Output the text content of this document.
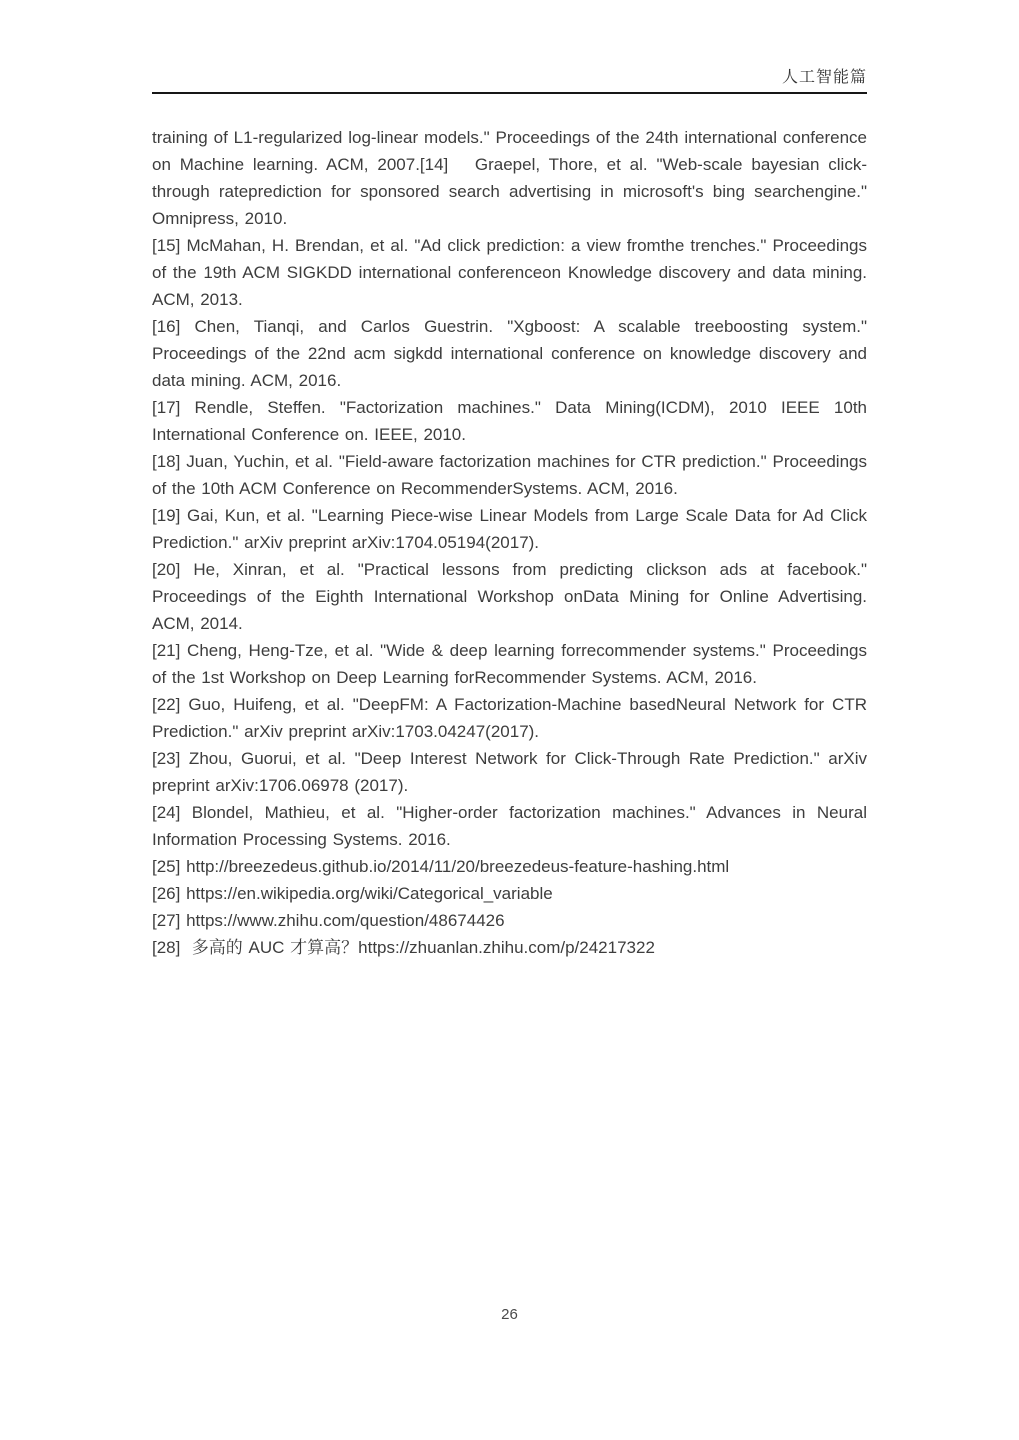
人工智能篇

training of L1-regularized log-linear models." Proceedings of the 24th international conference on Machine learning. ACM, 2007.[14]   Graepel, Thore, et al. "Web-scale bayesian click-through rateprediction for sponsored search advertising in microsoft's bing searchengine." Omnipress, 2010.

[15] McMahan, H. Brendan, et al. "Ad click prediction: a view fromthe trenches." Proceedings of the 19th ACM SIGKDD international conferenceon Knowledge discovery and data mining. ACM, 2013.

[16] Chen, Tianqi, and Carlos Guestrin. "Xgboost: A scalable treeboosting system." Proceedings of the 22nd acm sigkdd international conference on knowledge discovery and data mining. ACM, 2016.

[17] Rendle, Steffen. "Factorization machines." Data Mining(ICDM), 2010 IEEE 10th International Conference on. IEEE, 2010.

[18] Juan, Yuchin, et al. "Field-aware factorization machines for CTR prediction." Proceedings of the 10th ACM Conference on RecommenderSystems. ACM, 2016.

[19] Gai, Kun, et al. "Learning Piece-wise Linear Models from Large Scale Data for Ad Click Prediction." arXiv preprint arXiv:1704.05194(2017).

[20] He, Xinran, et al. "Practical lessons from predicting clickson ads at facebook." Proceedings of the Eighth International Workshop onData Mining for Online Advertising. ACM, 2014.

[21] Cheng, Heng-Tze, et al. "Wide & deep learning forrecommender systems." Proceedings of the 1st Workshop on Deep Learning forRecommender Systems. ACM, 2016.

[22] Guo, Huifeng, et al. "DeepFM: A Factorization-Machine basedNeural Network for CTR Prediction." arXiv preprint arXiv:1703.04247(2017).

[23] Zhou, Guorui, et al. "Deep Interest Network for Click-Through Rate Prediction." arXiv preprint arXiv:1706.06978 (2017).

[24] Blondel, Mathieu, et al. "Higher-order factorization machines." Advances in Neural Information Processing Systems. 2016.

[25] http://breezedeus.github.io/2014/11/20/breezedeus-feature-hashing.html

[26] https://en.wikipedia.org/wiki/Categorical_variable

[27] https://www.zhihu.com/question/48674426

[28]  多高的 AUC 才算高？https://zhuanlan.zhihu.com/p/24217322

26
